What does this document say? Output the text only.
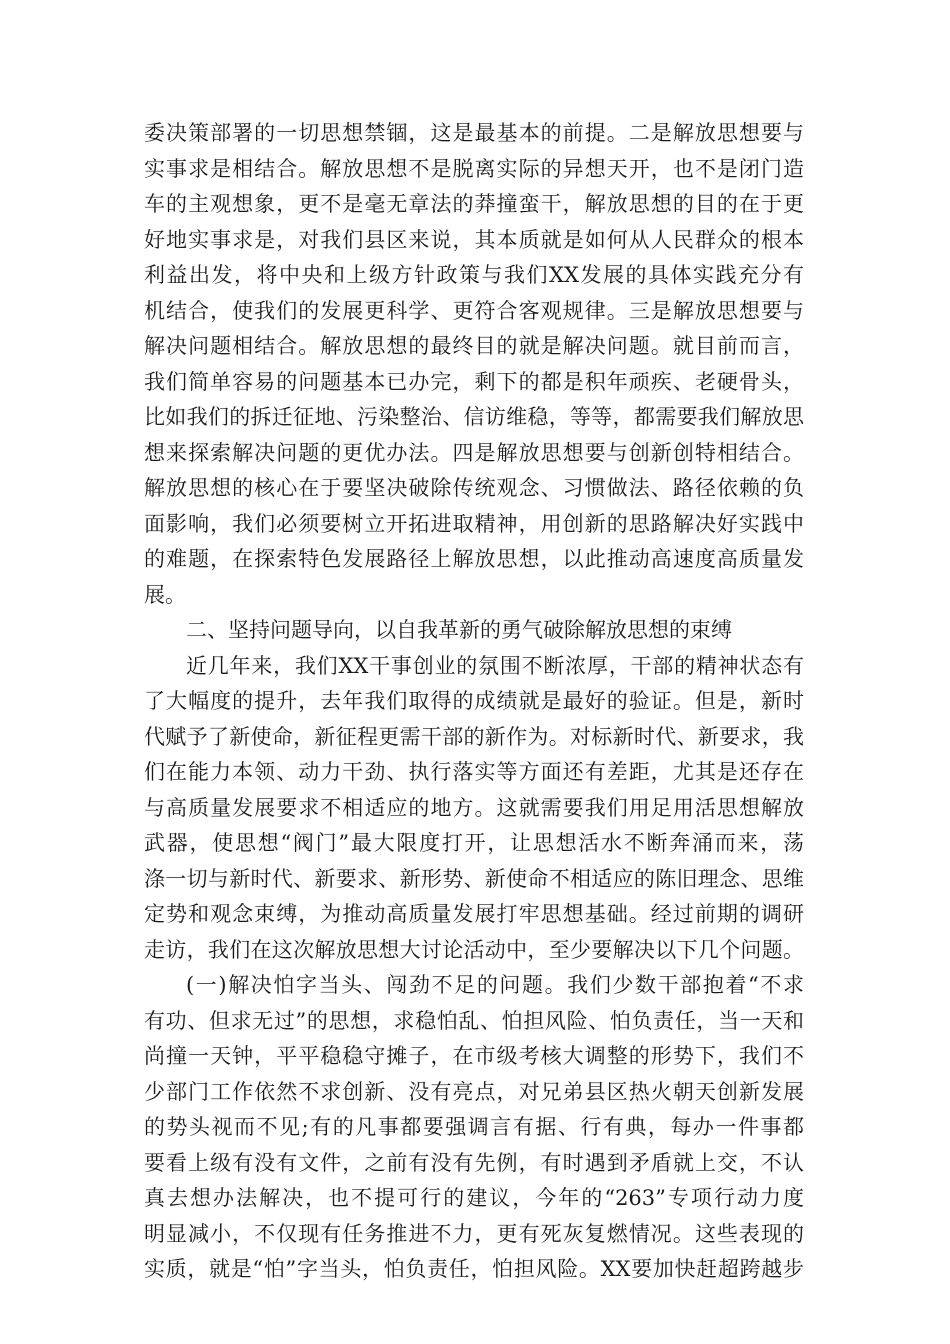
委决策部署的一切思想禁锢，这是最基本的前提。二是解放思想要与
实事求是相结合。解放思想不是脱离实际的异想天开，也不是闭门造
车的主观想象，更不是毫无章法的莽撞蛮干，解放思想的目的在于更
好地实事求是，对我们县区来说，其本质就是如何从人民群众的根本
利益出发，将中央和上级方针政策与我们XX发展的具体实践充分有
机结合，使我们的发展更科学、更符合客观规律。三是解放思想要与
解决问题相结合。解放思想的最终目的就是解决问题。就目前而言，
我们简单容易的问题基本已办完，剩下的都是积年顽疾、老硬骨头，
比如我们的拆迁征地、污染整治、信访维稳，等等，都需要我们解放思
想来探索解决问题的更优办法。四是解放思想要与创新创特相结合。
解放思想的核心在于要坚决破除传统观念、习惯做法、路径依赖的负
面影响，我们必须要树立开拓进取精神，用创新的思路解决好实践中
的难题，在探索特色发展路径上解放思想，以此推动高速度高质量发
展。
二、坚持问题导向，以自我革新的勇气破除解放思想的束缚
近几年来，我们XX干事创业的氛围不断浓厚，干部的精神状态有
了大幅度的提升，去年我们取得的成绩就是最好的验证。但是，新时
代赋予了新使命，新征程更需干部的新作为。对标新时代、新要求，我
们在能力本领、动力干劲、执行落实等方面还有差距，尤其是还存在
与高质量发展要求不相适应的地方。这就需要我们用足用活思想解放
武器，使思想“阀门”最大限度打开，让思想活水不断奔涌而来，荡
涤一切与新时代、新要求、新形势、新使命不相适应的陈旧理念、思维
定势和观念束缚，为推动高质量发展打牢思想基础。经过前期的调研
走访，我们在这次解放思想大讨论活动中，至少要解决以下几个问题。
(一)解决怕字当头、闯劲不足的问题。我们少数干部抱着“不求
有功、但求无过”的思想，求稳怕乱、怕担风险、怕负责任，当一天和
尚撞一天钟，平平稳稳守摊子，在市级考核大调整的形势下，我们不
少部门工作依然不求创新、没有亮点，对兄弟县区热火朝天创新发展
的势头视而不见;有的凡事都要强调言有据、行有典，每办一件事都
要看上级有没有文件，之前有没有先例，有时遇到矛盾就上交，不认
真去想办法解决，也不提可行的建议，今年的“263”专项行动力度
明显减小，不仅现有任务推进不力，更有死灰复燃情况。这些表现的
实质，就是“怕”字当头，怕负责任，怕担风险。XX要加快赶超跨越步
